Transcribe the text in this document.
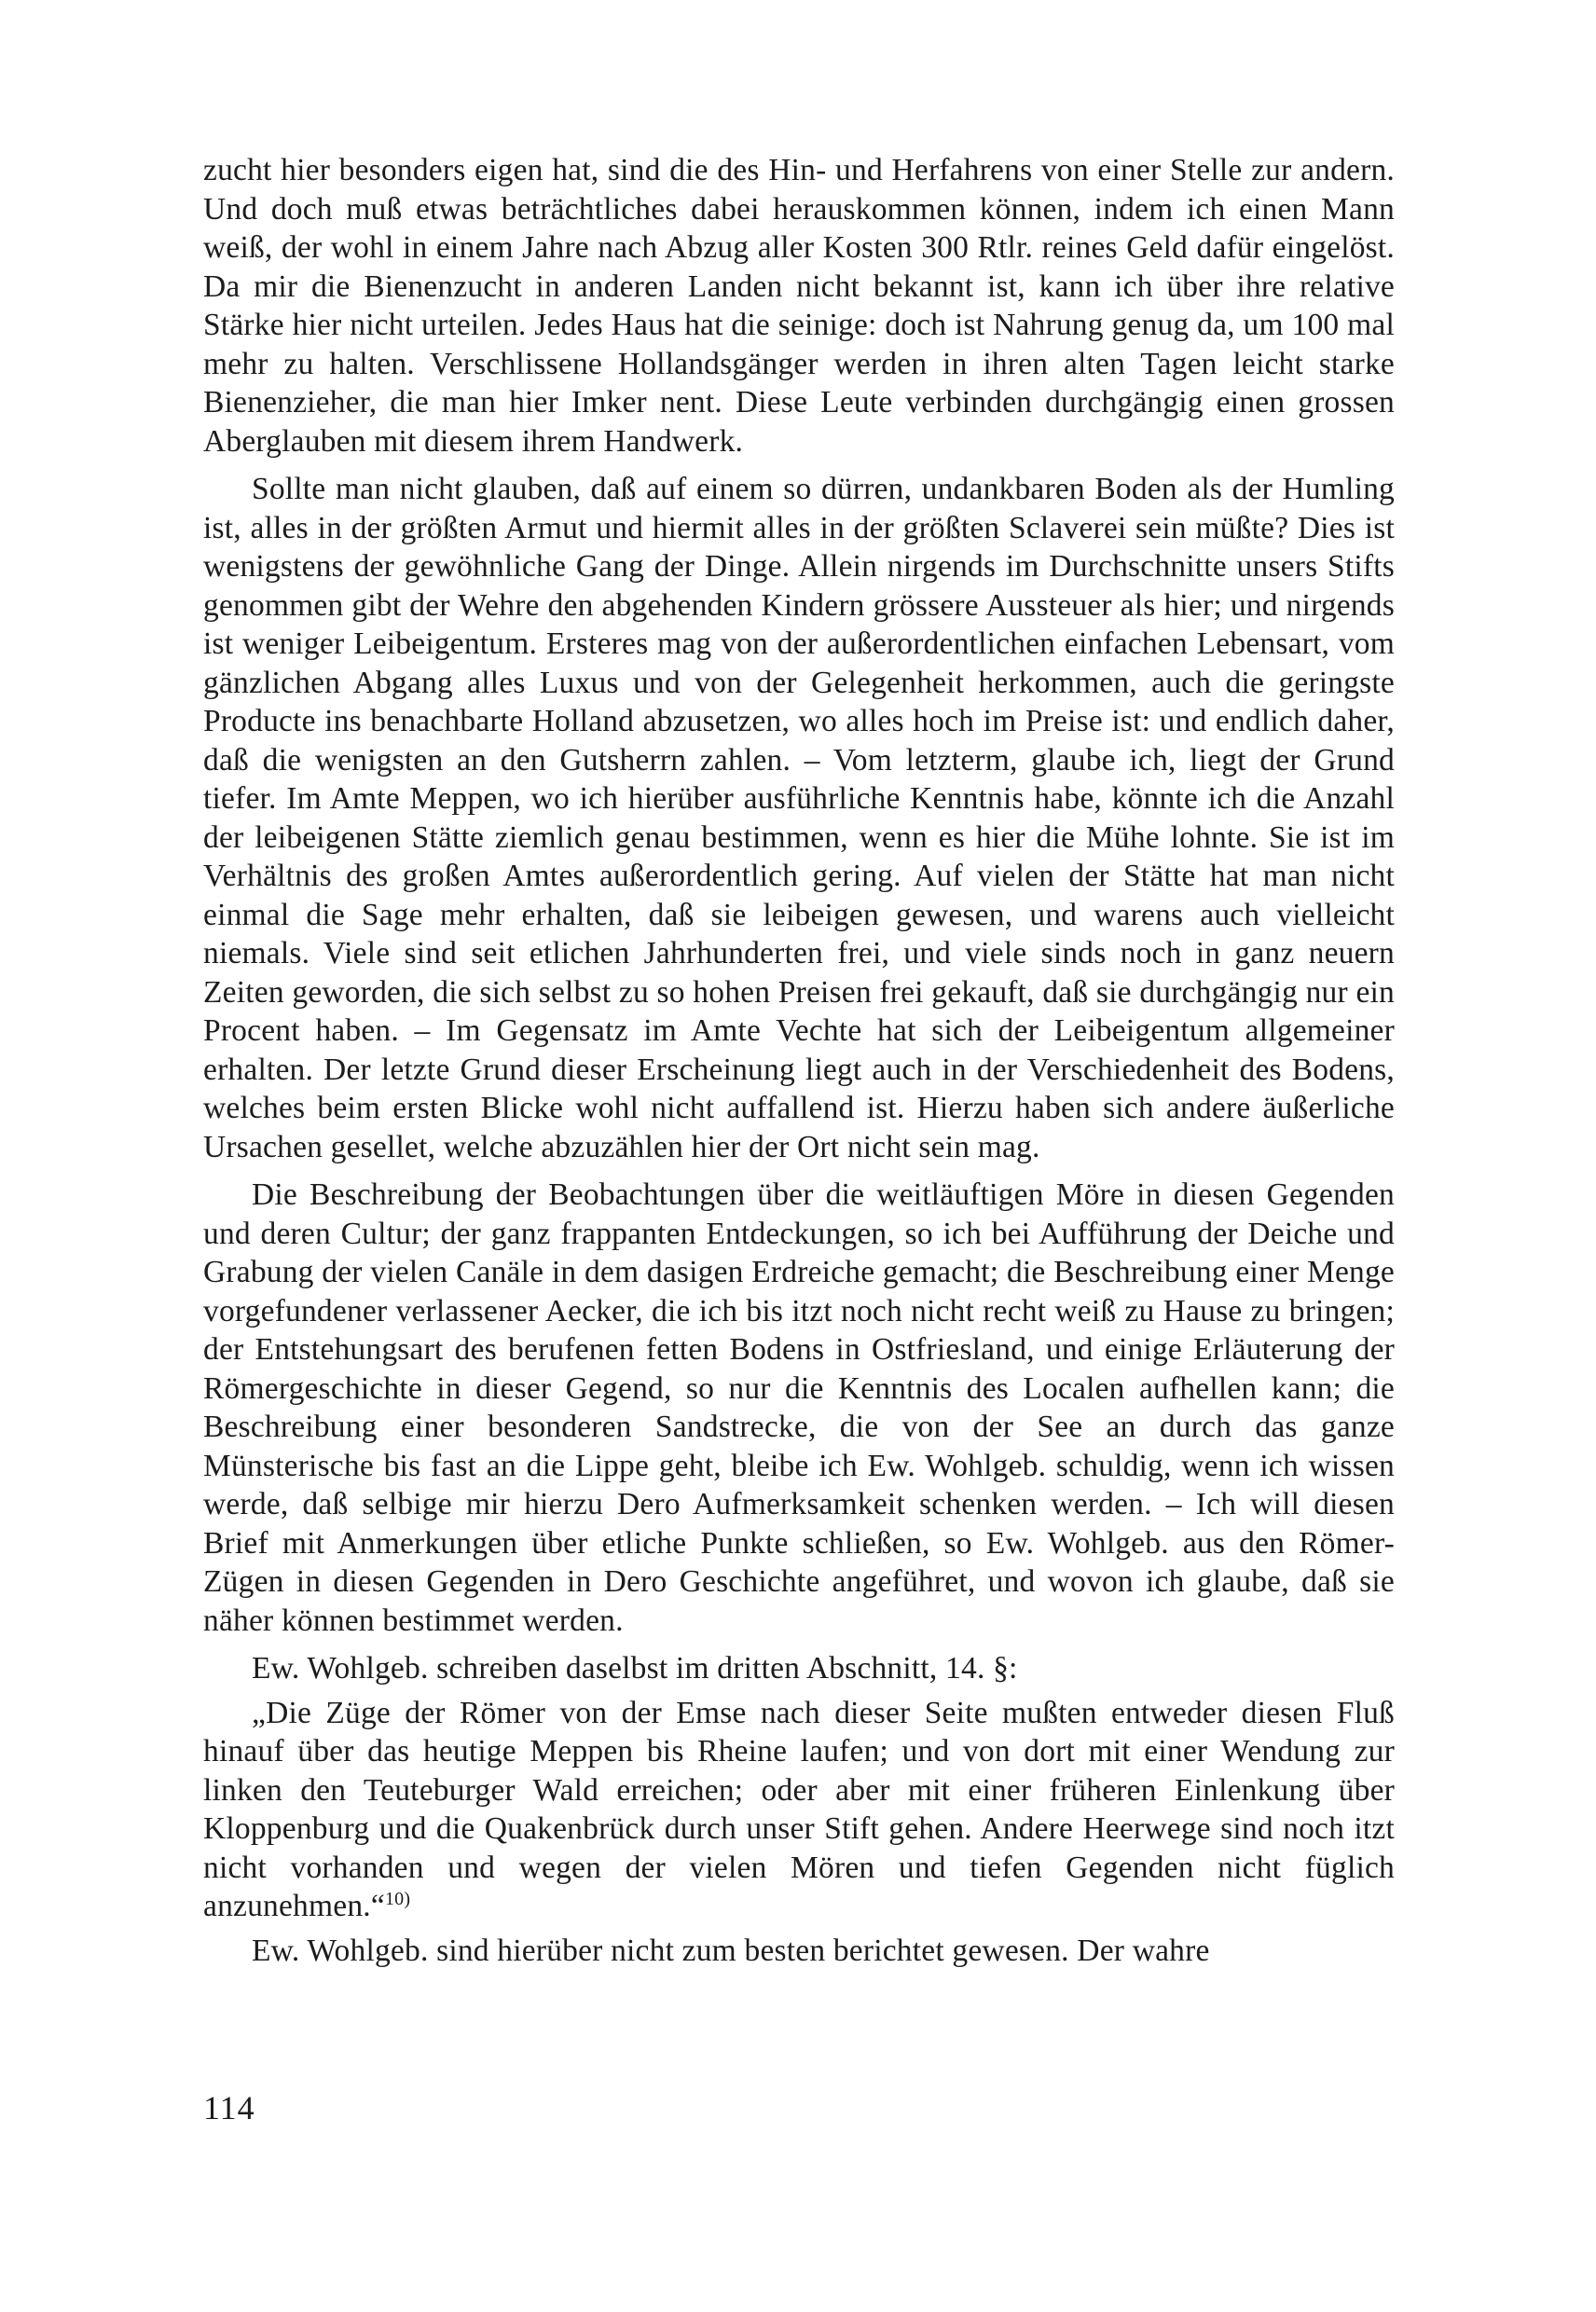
zucht hier besonders eigen hat, sind die des Hin- und Herfahrens von einer Stelle zur andern. Und doch muß etwas beträchtliches dabei herauskommen können, indem ich einen Mann weiß, der wohl in einem Jahre nach Abzug aller Kosten 300 Rtlr. reines Geld dafür eingelöst. Da mir die Bienenzucht in anderen Landen nicht bekannt ist, kann ich über ihre relative Stärke hier nicht urteilen. Jedes Haus hat die seinige: doch ist Nahrung genug da, um 100 mal mehr zu halten. Verschlissene Hollandsgänger werden in ihren alten Tagen leicht starke Bienenzieher, die man hier Imker nent. Diese Leute verbinden durchgängig einen grossen Aberglauben mit diesem ihrem Handwerk.

Sollte man nicht glauben, daß auf einem so dürren, undankbaren Boden als der Humling ist, alles in der größten Armut und hiermit alles in der größten Sclaverei sein müßte? Dies ist wenigstens der gewöhnliche Gang der Dinge. Allein nirgends im Durchschnitte unsers Stifts genommen gibt der Wehre den abgehenden Kindern grössere Aussteuer als hier; und nirgends ist weniger Leibeigentum. Ersteres mag von der außerordentlichen einfachen Lebensart, vom gänzlichen Abgang alles Luxus und von der Gelegenheit herkommen, auch die geringste Producte ins benachbarte Holland abzusetzen, wo alles hoch im Preise ist: und endlich daher, daß die wenigsten an den Gutsherrn zahlen. – Vom letzterm, glaube ich, liegt der Grund tiefer. Im Amte Meppen, wo ich hierüber ausführliche Kenntnis habe, könnte ich die Anzahl der leibeigenen Stätte ziemlich genau bestimmen, wenn es hier die Mühe lohnte. Sie ist im Verhältnis des großen Amtes außerordentlich gering. Auf vielen der Stätte hat man nicht einmal die Sage mehr erhalten, daß sie leibeigen gewesen, und warens auch vielleicht niemals. Viele sind seit etlichen Jahrhunderten frei, und viele sinds noch in ganz neuern Zeiten geworden, die sich selbst zu so hohen Preisen frei gekauft, daß sie durchgängig nur ein Procent haben. – Im Gegensatz im Amte Vechte hat sich der Leibeigentum allgemeiner erhalten. Der letzte Grund dieser Erscheinung liegt auch in der Verschiedenheit des Bodens, welches beim ersten Blicke wohl nicht auffallend ist. Hierzu haben sich andere äußerliche Ursachen gesellet, welche abzuzählen hier der Ort nicht sein mag.

Die Beschreibung der Beobachtungen über die weitläuftigen Möre in diesen Gegenden und deren Cultur; der ganz frappanten Entdeckungen, so ich bei Aufführung der Deiche und Grabung der vielen Canäle in dem dasigen Erdreiche gemacht; die Beschreibung einer Menge vorgefundener verlassener Aecker, die ich bis itzt noch nicht recht weiß zu Hause zu bringen; der Entstehungsart des berufenen fetten Bodens in Ostfriesland, und einige Erläuterung der Römergeschichte in dieser Gegend, so nur die Kenntnis des Localen aufhellen kann; die Beschreibung einer besonderen Sandstrecke, die von der See an durch das ganze Münsterische bis fast an die Lippe geht, bleibe ich Ew. Wohlgeb. schuldig, wenn ich wissen werde, daß selbige mir hierzu Dero Aufmerksamkeit schenken werden. – Ich will diesen Brief mit Anmerkungen über etliche Punkte schließen, so Ew. Wohlgeb. aus den Römer-Zügen in diesen Gegenden in Dero Geschichte angeführet, und wovon ich glaube, daß sie näher können bestimmet werden.

Ew. Wohlgeb. schreiben daselbst im dritten Abschnitt, 14. §:

„Die Züge der Römer von der Emse nach dieser Seite mußten entweder diesen Fluß hinauf über das heutige Meppen bis Rheine laufen; und von dort mit einer Wendung zur linken den Teuteburger Wald erreichen; oder aber mit einer früheren Einlenkung über Kloppenburg und die Quakenbrück durch unser Stift gehen. Andere Heerwege sind noch itzt nicht vorhanden und wegen der vielen Mören und tiefen Gegenden nicht füglich anzunehmen.“$^{10)}$

Ew. Wohlgeb. sind hierüber nicht zum besten berichtet gewesen. Der wahre

114
